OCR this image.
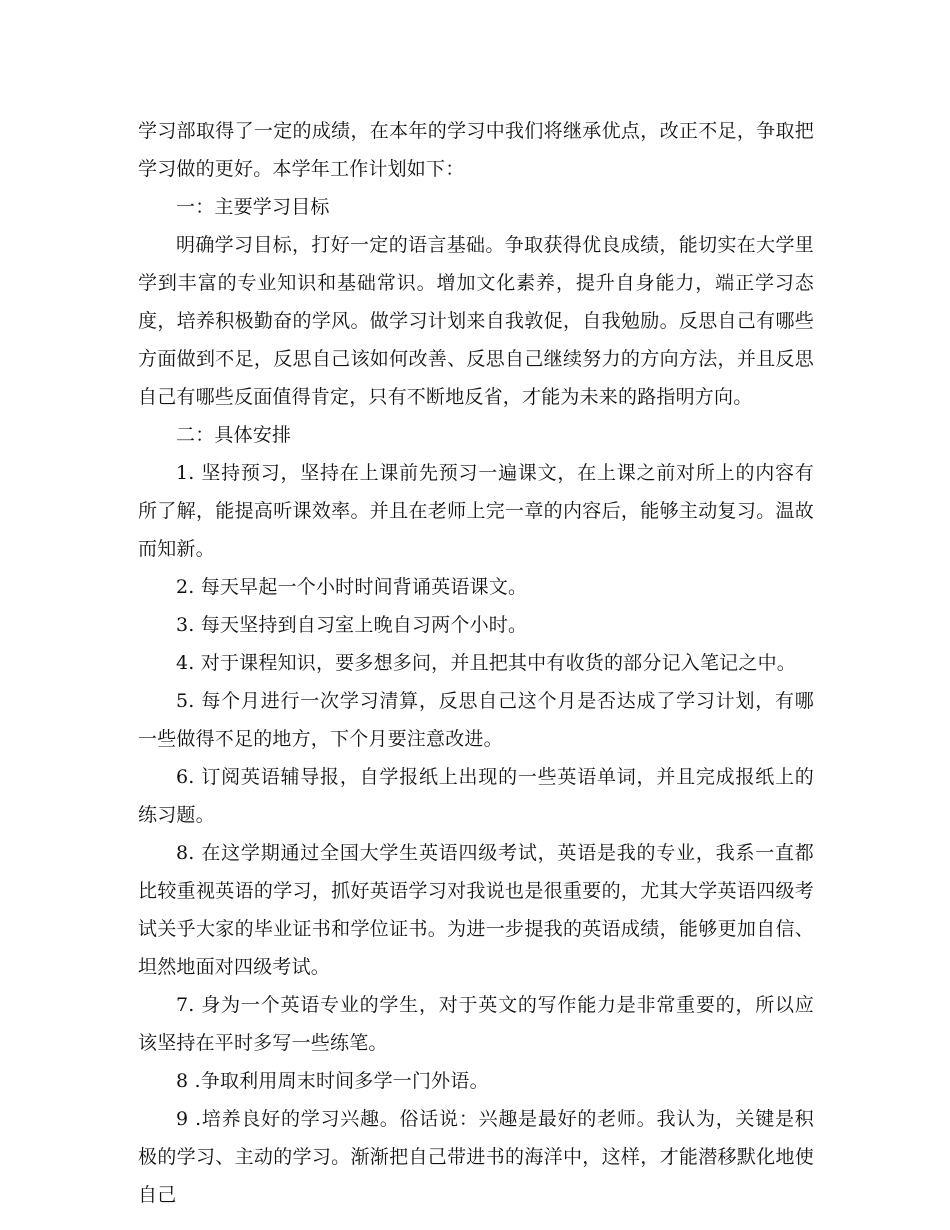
学习部取得了一定的成绩，在本年的学习中我们将继承优点，改正不足，争取把学习做的更好。本学年工作计划如下：

一：主要学习目标

明确学习目标，打好一定的语言基础。争取获得优良成绩，能切实在大学里学到丰富的专业知识和基础常识。增加文化素养，提升自身能力，端正学习态度，培养积极勤奋的学风。做学习计划来自我敦促，自我勉励。反思自己有哪些方面做到不足，反思自己该如何改善、反思自己继续努力的方向方法，并且反思自己有哪些反面值得肯定，只有不断地反省，才能为未来的路指明方向。

二：具体安排

1. 坚持预习，坚持在上课前先预习一遍课文，在上课之前对所上的内容有所了解，能提高听课效率。并且在老师上完一章的内容后，能够主动复习。温故而知新。

2. 每天早起一个小时时间背诵英语课文。

3. 每天坚持到自习室上晚自习两个小时。

4. 对于课程知识，要多想多问，并且把其中有收货的部分记入笔记之中。

5. 每个月进行一次学习清算，反思自己这个月是否达成了学习计划，有哪一些做得不足的地方，下个月要注意改进。

6. 订阅英语辅导报，自学报纸上出现的一些英语单词，并且完成报纸上的练习题。

8. 在这学期通过全国大学生英语四级考试，英语是我的专业，我系一直都比较重视英语的学习，抓好英语学习对我说也是很重要的，尤其大学英语四级考试关乎大家的毕业证书和学位证书。为进一步提我的英语成绩，能够更加自信、坦然地面对四级考试。

7. 身为一个英语专业的学生，对于英文的写作能力是非常重要的，所以应该坚持在平时多写一些练笔。

8 .争取利用周末时间多学一门外语。

9 .培养良好的学习兴趣。俗话说：兴趣是最好的老师。我认为，关键是积极的学习、主动的学习。渐渐把自己带进书的海洋中，这样，才能潜移默化地使自己
